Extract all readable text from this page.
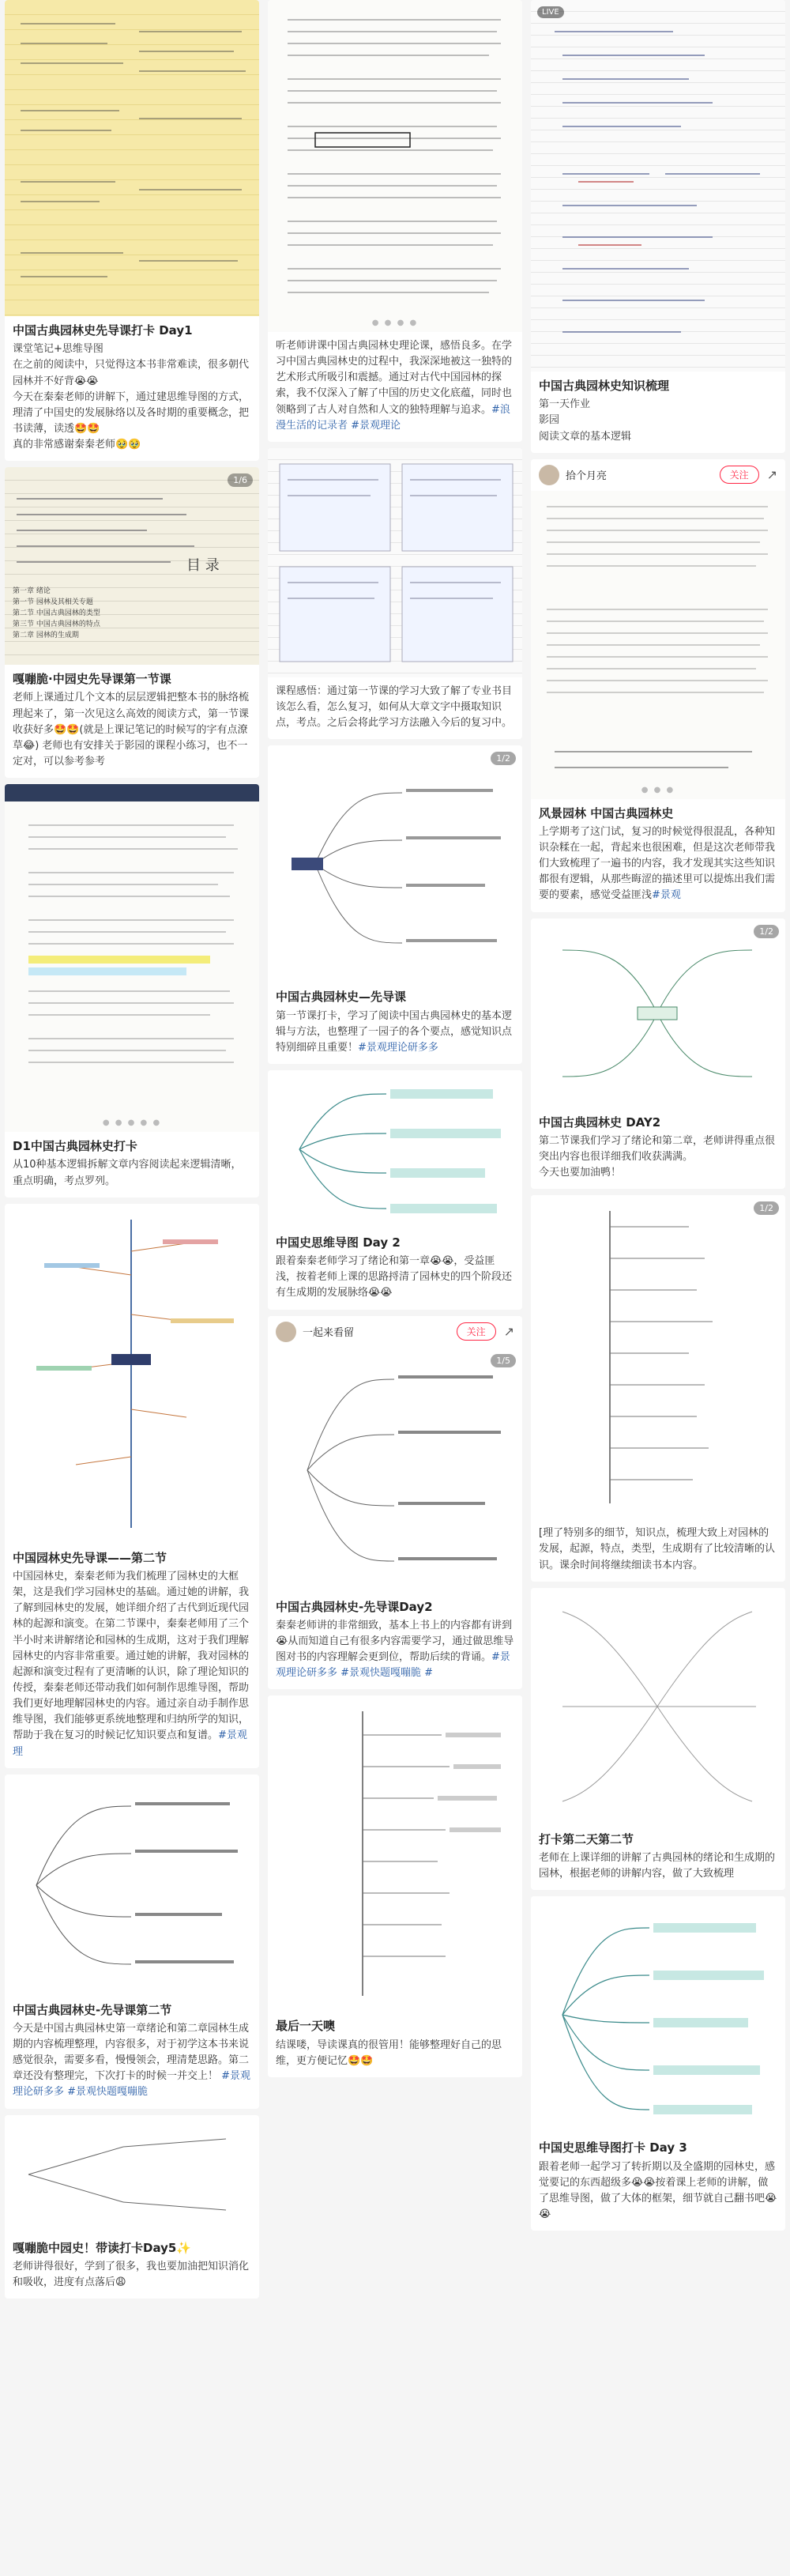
中国古典园林史先导课打卡 Day1
课堂笔记+思维导图
在之前的阅读中，只觉得这本书非常难读，很多朝代园林并不好背😭😭
今天在秦秦老师的讲解下，通过建思维导图的方式，理清了中国史的发展脉络以及各时期的重要概念，把书读薄，读透🤩🤩
真的非常感谢秦秦老师🥹🥹
1/6
目 录
第一章 绪论
第一节 园林及其相关专题
第二节 中国古典园林的类型
第三节 中国古典园林的特点
第二章 园林的生成期
嘎嘣脆·中园史先导课第一节课
老师上课通过几个文本的层层逻辑把整本书的脉络梳理起来了，第一次见这么高效的阅读方式，第一节课收获好多🤩🤩(就是上课记笔记的时候写的字有点潦草😂) 老师也有安排关于影园的课程小练习，也不一定对，可以参考参考
● ● ● ● ●
D1中国古典园林史打卡
从10种基本逻辑拆解文章内容阅读起来逻辑清晰，重点明确，考点罗列。
中国园林史先导课——第二节
中国园林史，秦秦老师为我们梳理了园林史的大框架，这是我们学习园林史的基础。通过她的讲解，我了解到园林史的发展，她详细介绍了古代到近现代园林的起源和演变。在第二节课中，秦秦老师用了三个半小时来讲解绪论和园林的生成期，这对于我们理解园林史的内容非常重要。通过她的讲解，我对园林的起源和演变过程有了更清晰的认识，除了理论知识的传授，秦秦老师还带动我们如何制作思维导图，帮助我们更好地理解园林史的内容。通过亲自动手制作思维导图，我们能够更系统地整理和归纳所学的知识，帮助于我在复习的时候记忆知识要点和复谱。#景观理
中国古典园林史-先导课第二节
今天是中国古典园林史第一章绪论和第二章园林生成期的内容梳理整理，内容很多，对于初学这本书来说感觉很杂，需要多看，慢慢领会，理清楚思路。第二章还没有整理完，下次打卡的时候一并交上！ #景观理论研多多 #景观快题嘎嘣脆
嘎嘣脆中园史！带读打卡Day5✨
老师讲得很好，学到了很多，我也要加油把知识消化和吸收，进度有点落后😩
● ● ● ●
听老师讲课中国古典园林史理论课，感悟良多。在学习中国古典园林史的过程中，我深深地被这一独特的艺术形式所吸引和震撼。通过对古代中国园林的探索，我不仅深入了解了中国的历史文化底蕴，同时也领略到了古人对自然和人文的独特理解与追求。#浪漫生活的记录者 #景观理论
课程感悟：通过第一节课的学习大致了解了专业书目该怎么看，怎么复习，如何从大章文字中摄取知识点，考点。之后会将此学习方法融入今后的复习中。
1/2
中国古典园林史—先导课
第一节课打卡，学习了阅读中国古典园林史的基本逻辑与方法，也整理了一园子的各个要点，感觉知识点特别细碎且重要！#景观理论研多多
中国史思维导图 Day 2
跟着秦秦老师学习了绪论和第一章😭😭，受益匪浅，按着老师上课的思路捋清了园林史的四个阶段还有生成期的发展脉络😭😭
一起来看留	关注	↗
1/5
中国古典园林史-先导课Day2
秦秦老师讲的非常细致，基本上书上的内容都有讲到😭从而知道自己有很多内容需要学习，通过做思维导图对书的内容理解会更到位，帮助后续的背诵。#景观理论研多多 #景观快题嘎嘣脆 #
最后一天噢
结课喽，导读课真的很管用！能够整理好自己的思维，更方便记忆🤩🤩
LIVE
中国古典园林史知识梳理
第一天作业
影园
阅读文章的基本逻辑
拾个月亮	关注	↗
● ● ●
风景园林 中国古典园林史
上学期考了这门试，复习的时候觉得很混乱，各种知识杂糅在一起，背起来也很困难，但是这次老师带我们大致梳理了一遍书的内容，我才发现其实这些知识都很有逻辑，从那些晦涩的描述里可以提炼出我们需要的要素，感觉受益匪浅#景观
1/2
中国古典园林史 DAY2
第二节课我们学习了绪论和第二章，老师讲得重点很突出内容也很详细我们收获满满。
今天也要加油鸭！
1/2
[理了特别多的细节，知识点，梳理大致上对园林的发展，起源，特点，类型，生成期有了比较清晰的认识。课余时间将继续细读书本内容。
打卡第二天第二节
老师在上课详细的讲解了古典园林的绪论和生成期的园林，根据老师的讲解内容，做了大致梳理
中国史思维导图打卡 Day 3
跟着老师一起学习了转折期以及全盛期的园林史，感觉要记的东西超级多😭😭按着课上老师的讲解，做了思维导图，做了大体的框架，细节就自己翻书吧😭😭
